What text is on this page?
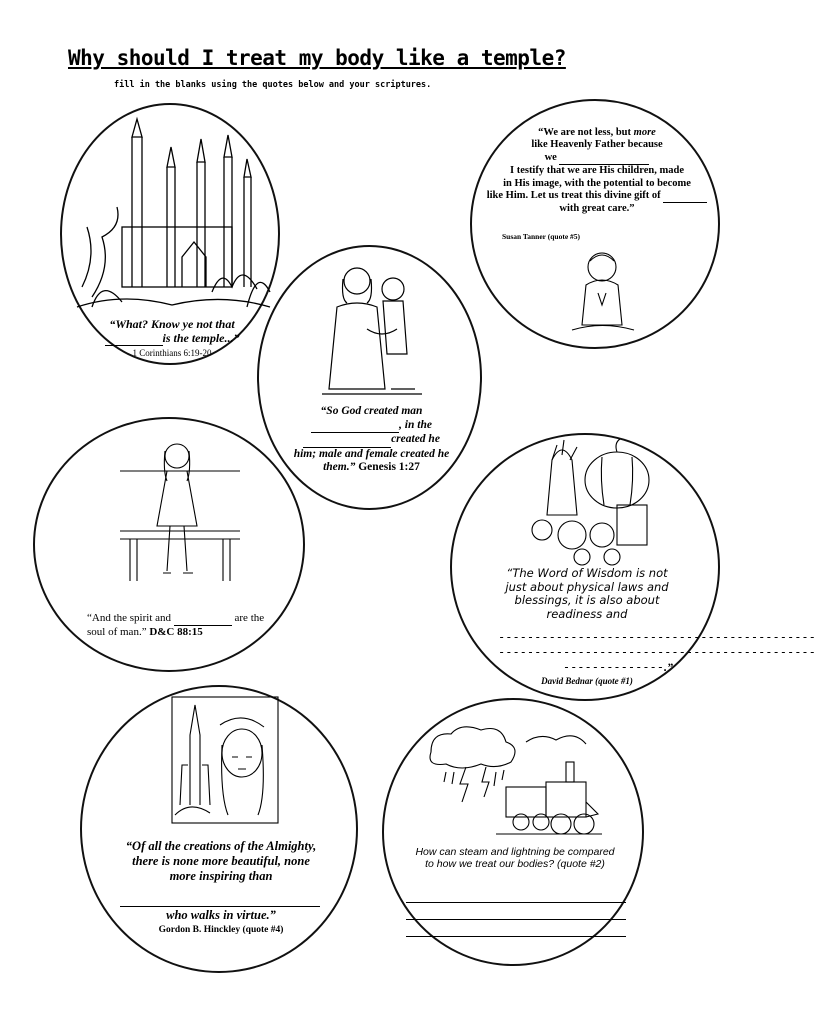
Why should I treat my body like a temple?
fill in the blanks using the quotes below and your scriptures.
“What? Know ye not that
is the temple...”
1 Corinthians 6:19-20
“We are not less, but more
like Heavenly Father because
we
I testify that we are His children, made
in His image, with the potential to become
like Him. Let us treat this divine gift of
with great care.”
Susan Tanner (quote #5)
“So God created man
, in the
created he
him; male and female created he
them.” Genesis 1:27
“And the spirit and	are the
soul of man.” D&C 88:15
“The Word of Wisdom is not
just about physical laws and
blessings, it is also about
readiness and
--------------------------------------------
--------------------------------------------
--------------.”
David Bednar (quote #1)
“Of all the creations of the Almighty,
there is none more beautiful, none
more inspiring than
who walks in virtue.”
Gordon B. Hinckley (quote #4)
How can steam and lightning be compared
to how we treat our bodies? (quote #2)
